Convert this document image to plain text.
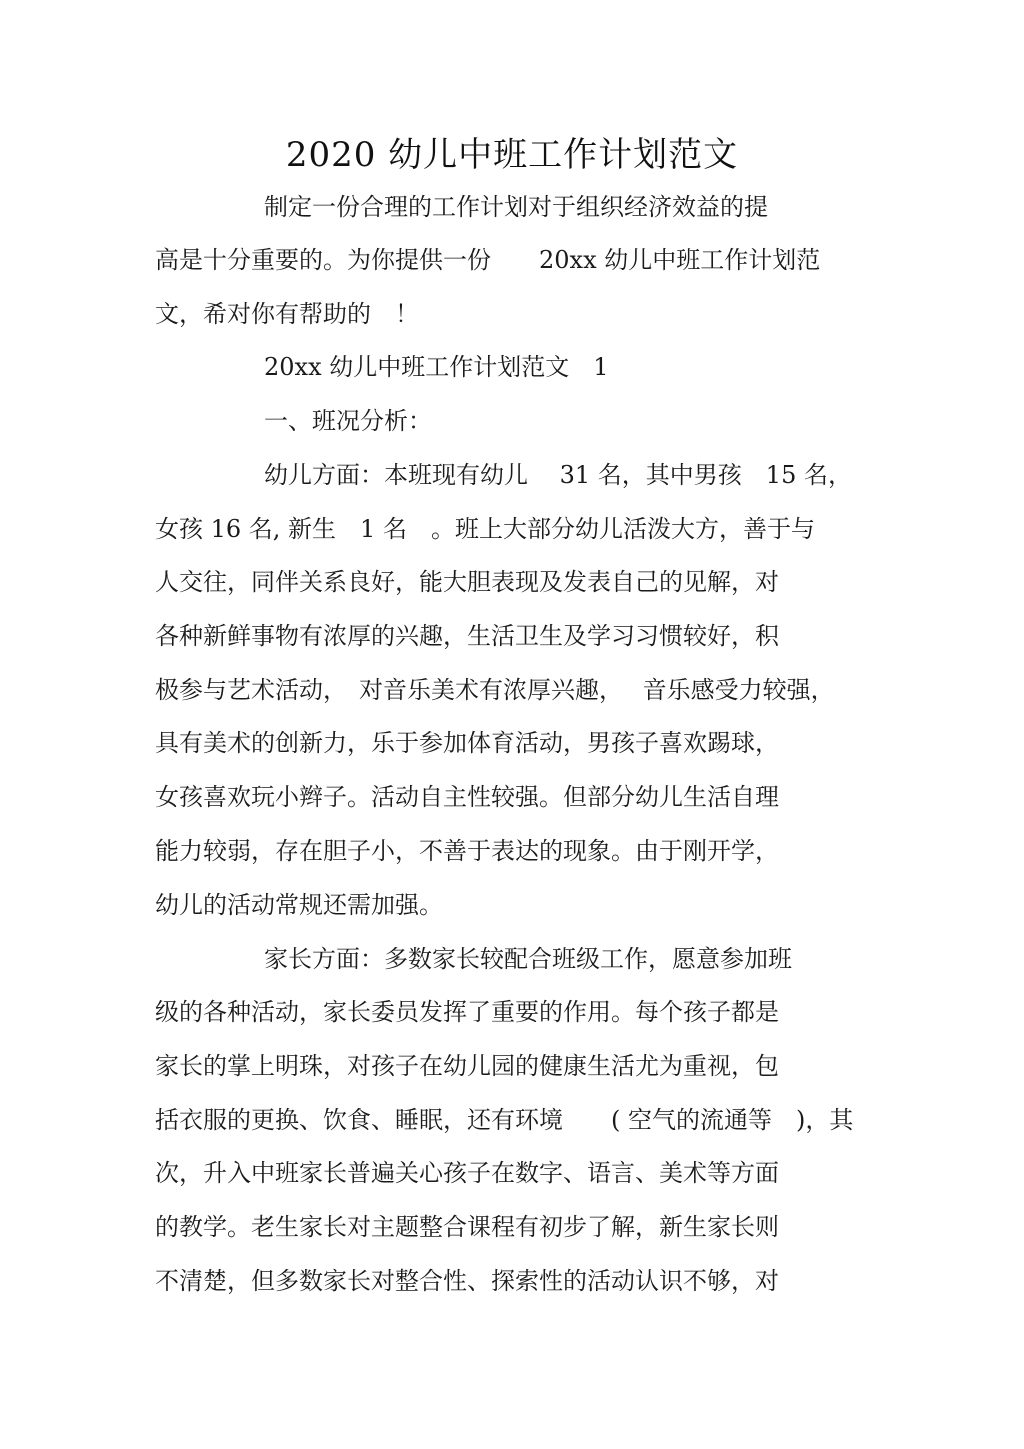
2020 幼儿中班工作计划范文
制定一份合理的工作计划对于组织经济效益的提
高是十分重要的。为你提供一份　　20xx 幼儿中班工作计划范
文，希对你有帮助的　！
20xx 幼儿中班工作计划范文　1
一、班况分析：
幼儿方面：本班现有幼儿　 31 名，其中男孩　15 名，
女孩 16 名, 新生　1 名　。班上大部分幼儿活泼大方，善于与
人交往，同伴关系良好，能大胆表现及发表自己的见解，对
各种新鲜事物有浓厚的兴趣，生活卫生及学习习惯较好，积
极参与艺术活动，　对音乐美术有浓厚兴趣，　 音乐感受力较强，
具有美术的创新力，乐于参加体育活动，男孩子喜欢踢球，
女孩喜欢玩小辫子。活动自主性较强。但部分幼儿生活自理
能力较弱，存在胆子小，不善于表达的现象。由于刚开学，
幼儿的活动常规还需加强。
家长方面：多数家长较配合班级工作，愿意参加班
级的各种活动，家长委员发挥了重要的作用。每个孩子都是
家长的掌上明珠，对孩子在幼儿园的健康生活尤为重视，包
括衣服的更换、饮食、睡眠，还有环境　　( 空气的流通等　)，其
次，升入中班家长普遍关心孩子在数字、语言、美术等方面
的教学。老生家长对主题整合课程有初步了解，新生家长则
不清楚，但多数家长对整合性、探索性的活动认识不够，对
